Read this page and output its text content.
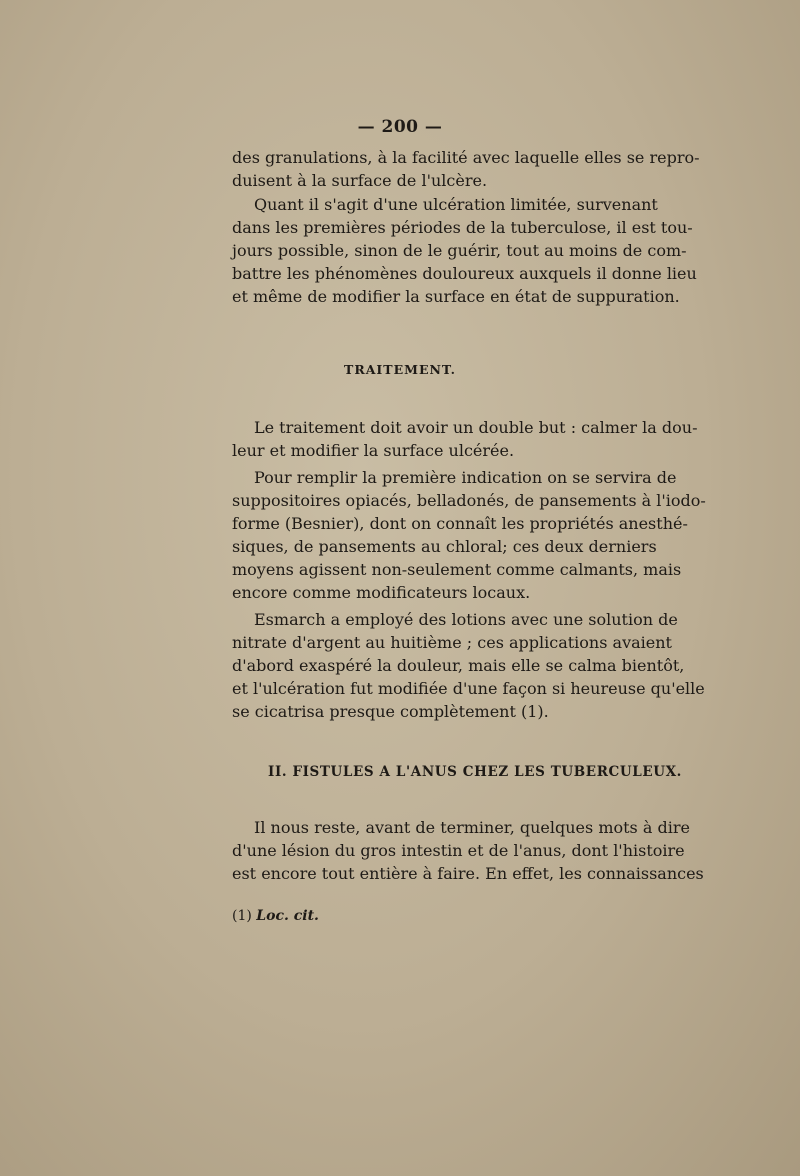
— 200 —

des granulations, à la facilité avec laquelle elles se repro-

duisent à la surface de l'ulcère.

Quant il s'agit d'une ulcération limitée, survenant

dans les premières périodes de la tuberculose, il est tou-

jours possible, sinon de le guérir, tout au moins de com-

battre les phénomènes douloureux auxquels il donne lieu

et même de modifier la surface en état de suppuration.

TRAITEMENT.

Le traitement doit avoir un double but : calmer la dou-

leur et modifier la surface ulcérée.

Pour remplir la première indication on se servira de

suppositoires opiacés, belladonés, de pansements à l'iodo-

forme (Besnier), dont on connaît les propriétés anesthé-

siques, de pansements au chloral; ces deux derniers

moyens agissent non-seulement comme calmants, mais

encore comme modificateurs locaux.

Esmarch a employé des lotions avec une solution de

nitrate d'argent au huitième ; ces applications avaient

d'abord exaspéré la douleur, mais elle se calma bientôt,

et l'ulcération fut modifiée d'une façon si heureuse qu'elle

se cicatrisa presque complètement (1).

II. FISTULES A L'ANUS CHEZ LES TUBERCULEUX.

Il nous reste, avant de terminer, quelques mots à dire

d'une lésion du gros intestin et de l'anus, dont l'histoire

est encore tout entière à faire. En effet, les connaissances

(1) Loc. cit.
